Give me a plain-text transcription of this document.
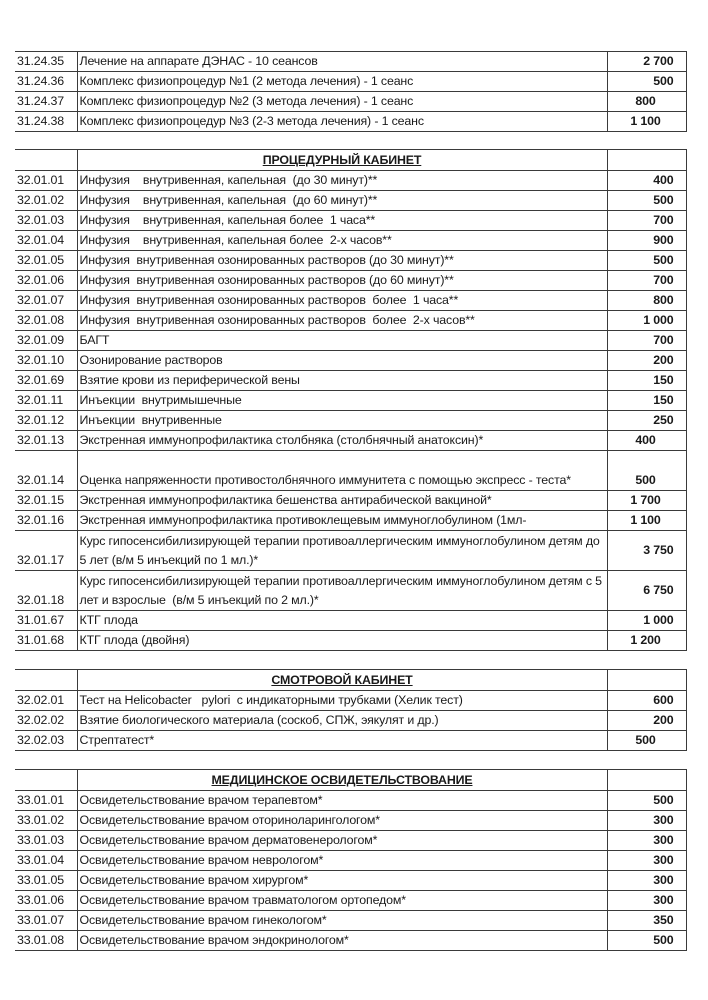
31.24.35	Лечение на аппарате ДЭНАС - 10 сеансов	2 700
31.24.36	Комплекс физиопроцедур №1 (2 метода лечения) - 1 сеанс	500
31.24.37	Комплекс физиопроцедур №2 (3 метода лечения) - 1 сеанс	800
31.24.38	Комплекс физиопроцедур №3 (2-3 метода лечения) - 1 сеанс	1 100
	ПРОЦЕДУРНЫЙ КАБИНЕТ	
32.01.01	Инфузия    внутривенная, капельная  (до 30 минут)**	400
32.01.02	Инфузия    внутривенная, капельная  (до 60 минут)**	500
32.01.03	Инфузия    внутривенная, капельная более  1 часа**	700
32.01.04	Инфузия    внутривенная, капельная более  2-х часов**	900
32.01.05	Инфузия  внутривенная озонированных растворов (до 30 минут)**	500
32.01.06	Инфузия  внутривенная озонированных растворов (до 60 минут)**	700
32.01.07	Инфузия  внутривенная озонированных растворов  более  1 часа**	800
32.01.08	Инфузия  внутривенная озонированных растворов  более  2-х часов**	1 000
32.01.09	БАГТ	700
32.01.10	Озонирование растворов	200
32.01.69	Взятие крови из периферической вены	150
32.01.11	Инъекции  внутримышечные	150
32.01.12	Инъекции  внутривенные	250
32.01.13	Экстренная иммунопрофилактика столбняка (столбнячный анатоксин)*	400
32.01.14	Оценка напряженности противостолбнячного иммунитета с помощью экспресс - теста*	500
32.01.15	Экстренная иммунопрофилактика бешенства антирабической вакциной*	1 700
32.01.16	Экстренная иммунопрофилактика противоклещевым иммуноглобулином (1мл-	1 100
32.01.17	Курс гипосенсибилизирующей терапии противоаллергическим иммуноглобулином детям до 5 лет (в/м 5 инъекций по 1 мл.)*	3 750
32.01.18	Курс гипосенсибилизирующей терапии противоаллергическим иммуноглобулином детям с 5 лет и взрослые  (в/м 5 инъекций по 2 мл.)*	6 750
31.01.67	КТГ плода	1 000
31.01.68	КТГ плода (двойня)	1 200
	СМОТРОВОЙ КАБИНЕТ	
32.02.01	Тест на Helicobacter   pylori  с индикаторными трубками (Хелик тест)	600
32.02.02	Взятие биологического материала (соскоб, СПЖ, эякулят и др.)	200
32.02.03	Стрептатест*	500
	МЕДИЦИНСКОЕ ОСВИДЕТЕЛЬСТВОВАНИЕ	
33.01.01	Освидетельствование врачом терапевтом*	500
33.01.02	Освидетельствование врачом оториноларингологом*	300
33.01.03	Освидетельствование врачом дерматовенерологом*	300
33.01.04	Освидетельствование врачом неврологом*	300
33.01.05	Освидетельствование врачом хирургом*	300
33.01.06	Освидетельствование врачом травматологом ортопедом*	300
33.01.07	Освидетельствование врачом гинекологом*	350
33.01.08	Освидетельствование врачом эндокринологом*	500
